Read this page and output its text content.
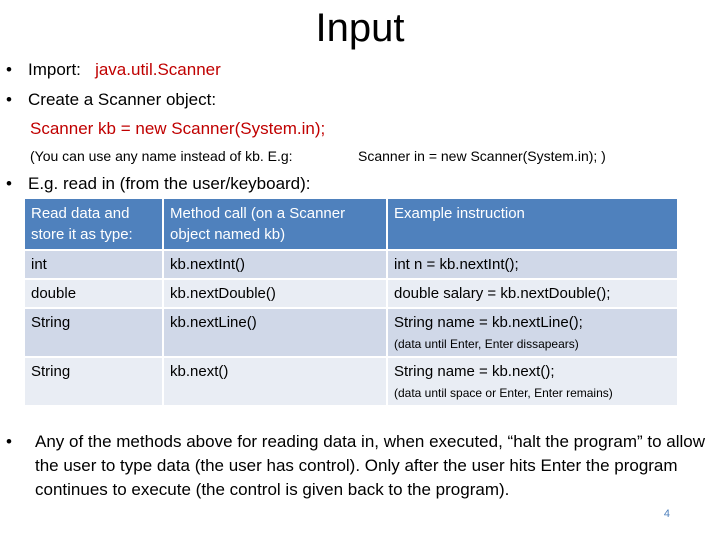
Input
• Import: java.util.Scanner
• Create a Scanner object:
Scanner kb = new Scanner(System.in);
(You can use any name instead of kb. E.g:	Scanner in = new Scanner(System.in); )
• E.g. read in (from the user/keyboard):
Read data and store it as type:	Method call (on a Scanner object named kb)	Example instruction
int	kb.nextInt()	int n = kb.nextInt();
double	kb.nextDouble()	double salary = kb.nextDouble();
String	kb.nextLine()	String name = kb.nextLine();
(data until Enter, Enter dissapears)

String	kb.next()	String name = kb.next();
(data until space or Enter, Enter remains)
• Any of the methods above for reading data in, when executed, “halt the program” to allow the user to type data (the user has control). Only after the user hits Enter the program continues to execute (the control is given back to the program).
4
